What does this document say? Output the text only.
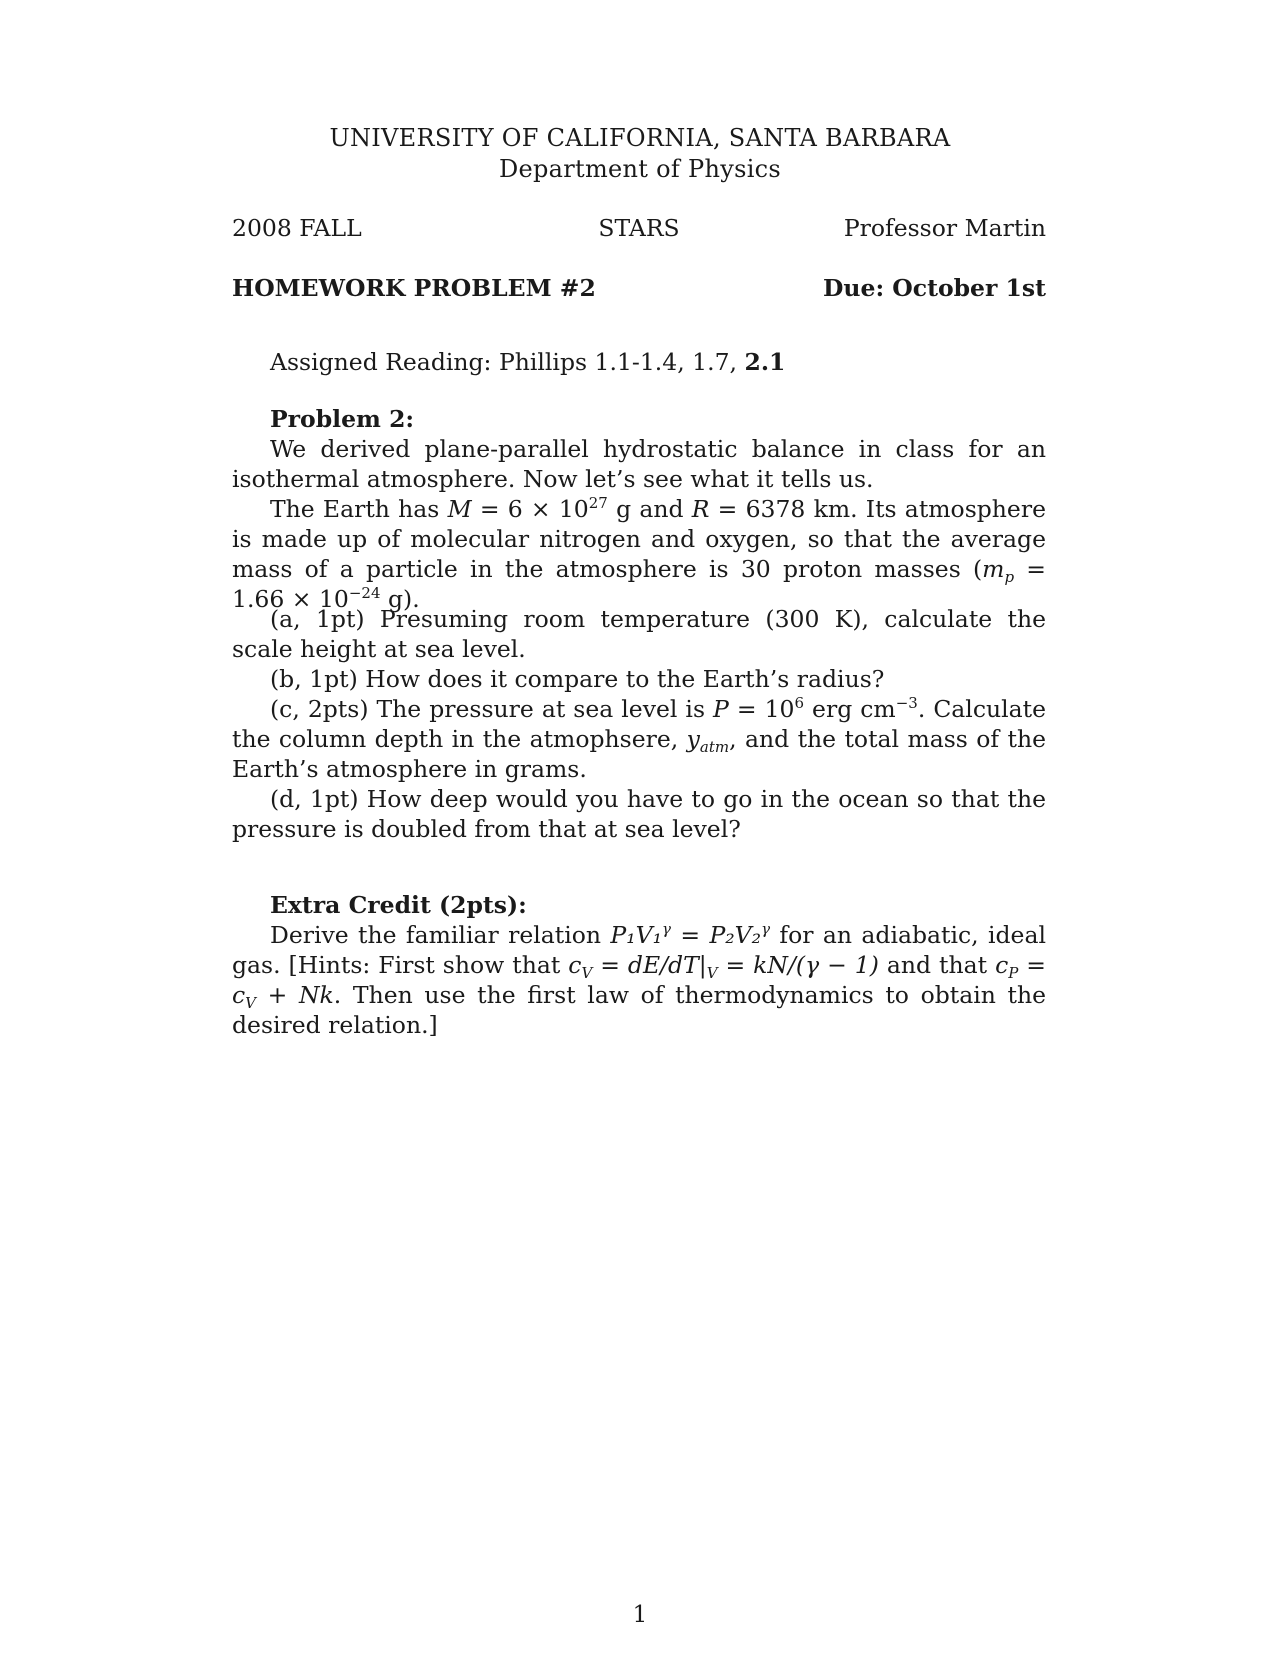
UNIVERSITY OF CALIFORNIA, SANTA BARBARA
Department of Physics
2008 FALL	STARS	Professor Martin
HOMEWORK PROBLEM #2	Due: October 1st

Assigned Reading: Phillips 1.1-1.4, 1.7, 2.1

Problem 2:

We derived plane-parallel hydrostatic balance in class for an isothermal atmosphere. Now let’s see what it tells us.

The Earth has $M = 6 \times 10^{27}$ g and R = 6378 km. Its atmosphere is made up of molecular nitrogen and oxygen, so that the average mass of a particle in the atmosphere is 30 proton masses ($m_p = 1.66 \times 10^{-24}$ g).

(a, 1pt) Presuming room temperature (300 K), calculate the scale height at sea level.

(b, 1pt) How does it compare to the Earth’s radius?

(c, 2pts) The pressure at sea level is $P = 10^6$ erg $cm^{-3}$. Calculate the column depth in the atmophsere, $y_{atm}$, and the total mass of the Earth’s atmosphere in grams.

(d, 1pt) How deep would you have to go in the ocean so that the pressure is doubled from that at sea level?

Extra Credit (2pts):

Derive the familiar relation P₁V₁$^\gamma$ = P₂V₂$^\gamma$ for an adiabatic, ideal gas. [Hints: First show that $c_V = dE/dT|_V = kN/(\gamma - 1)$ and that $c_P = c_V + Nk$. Then use the first law of thermodynamics to obtain the desired relation.]

1
